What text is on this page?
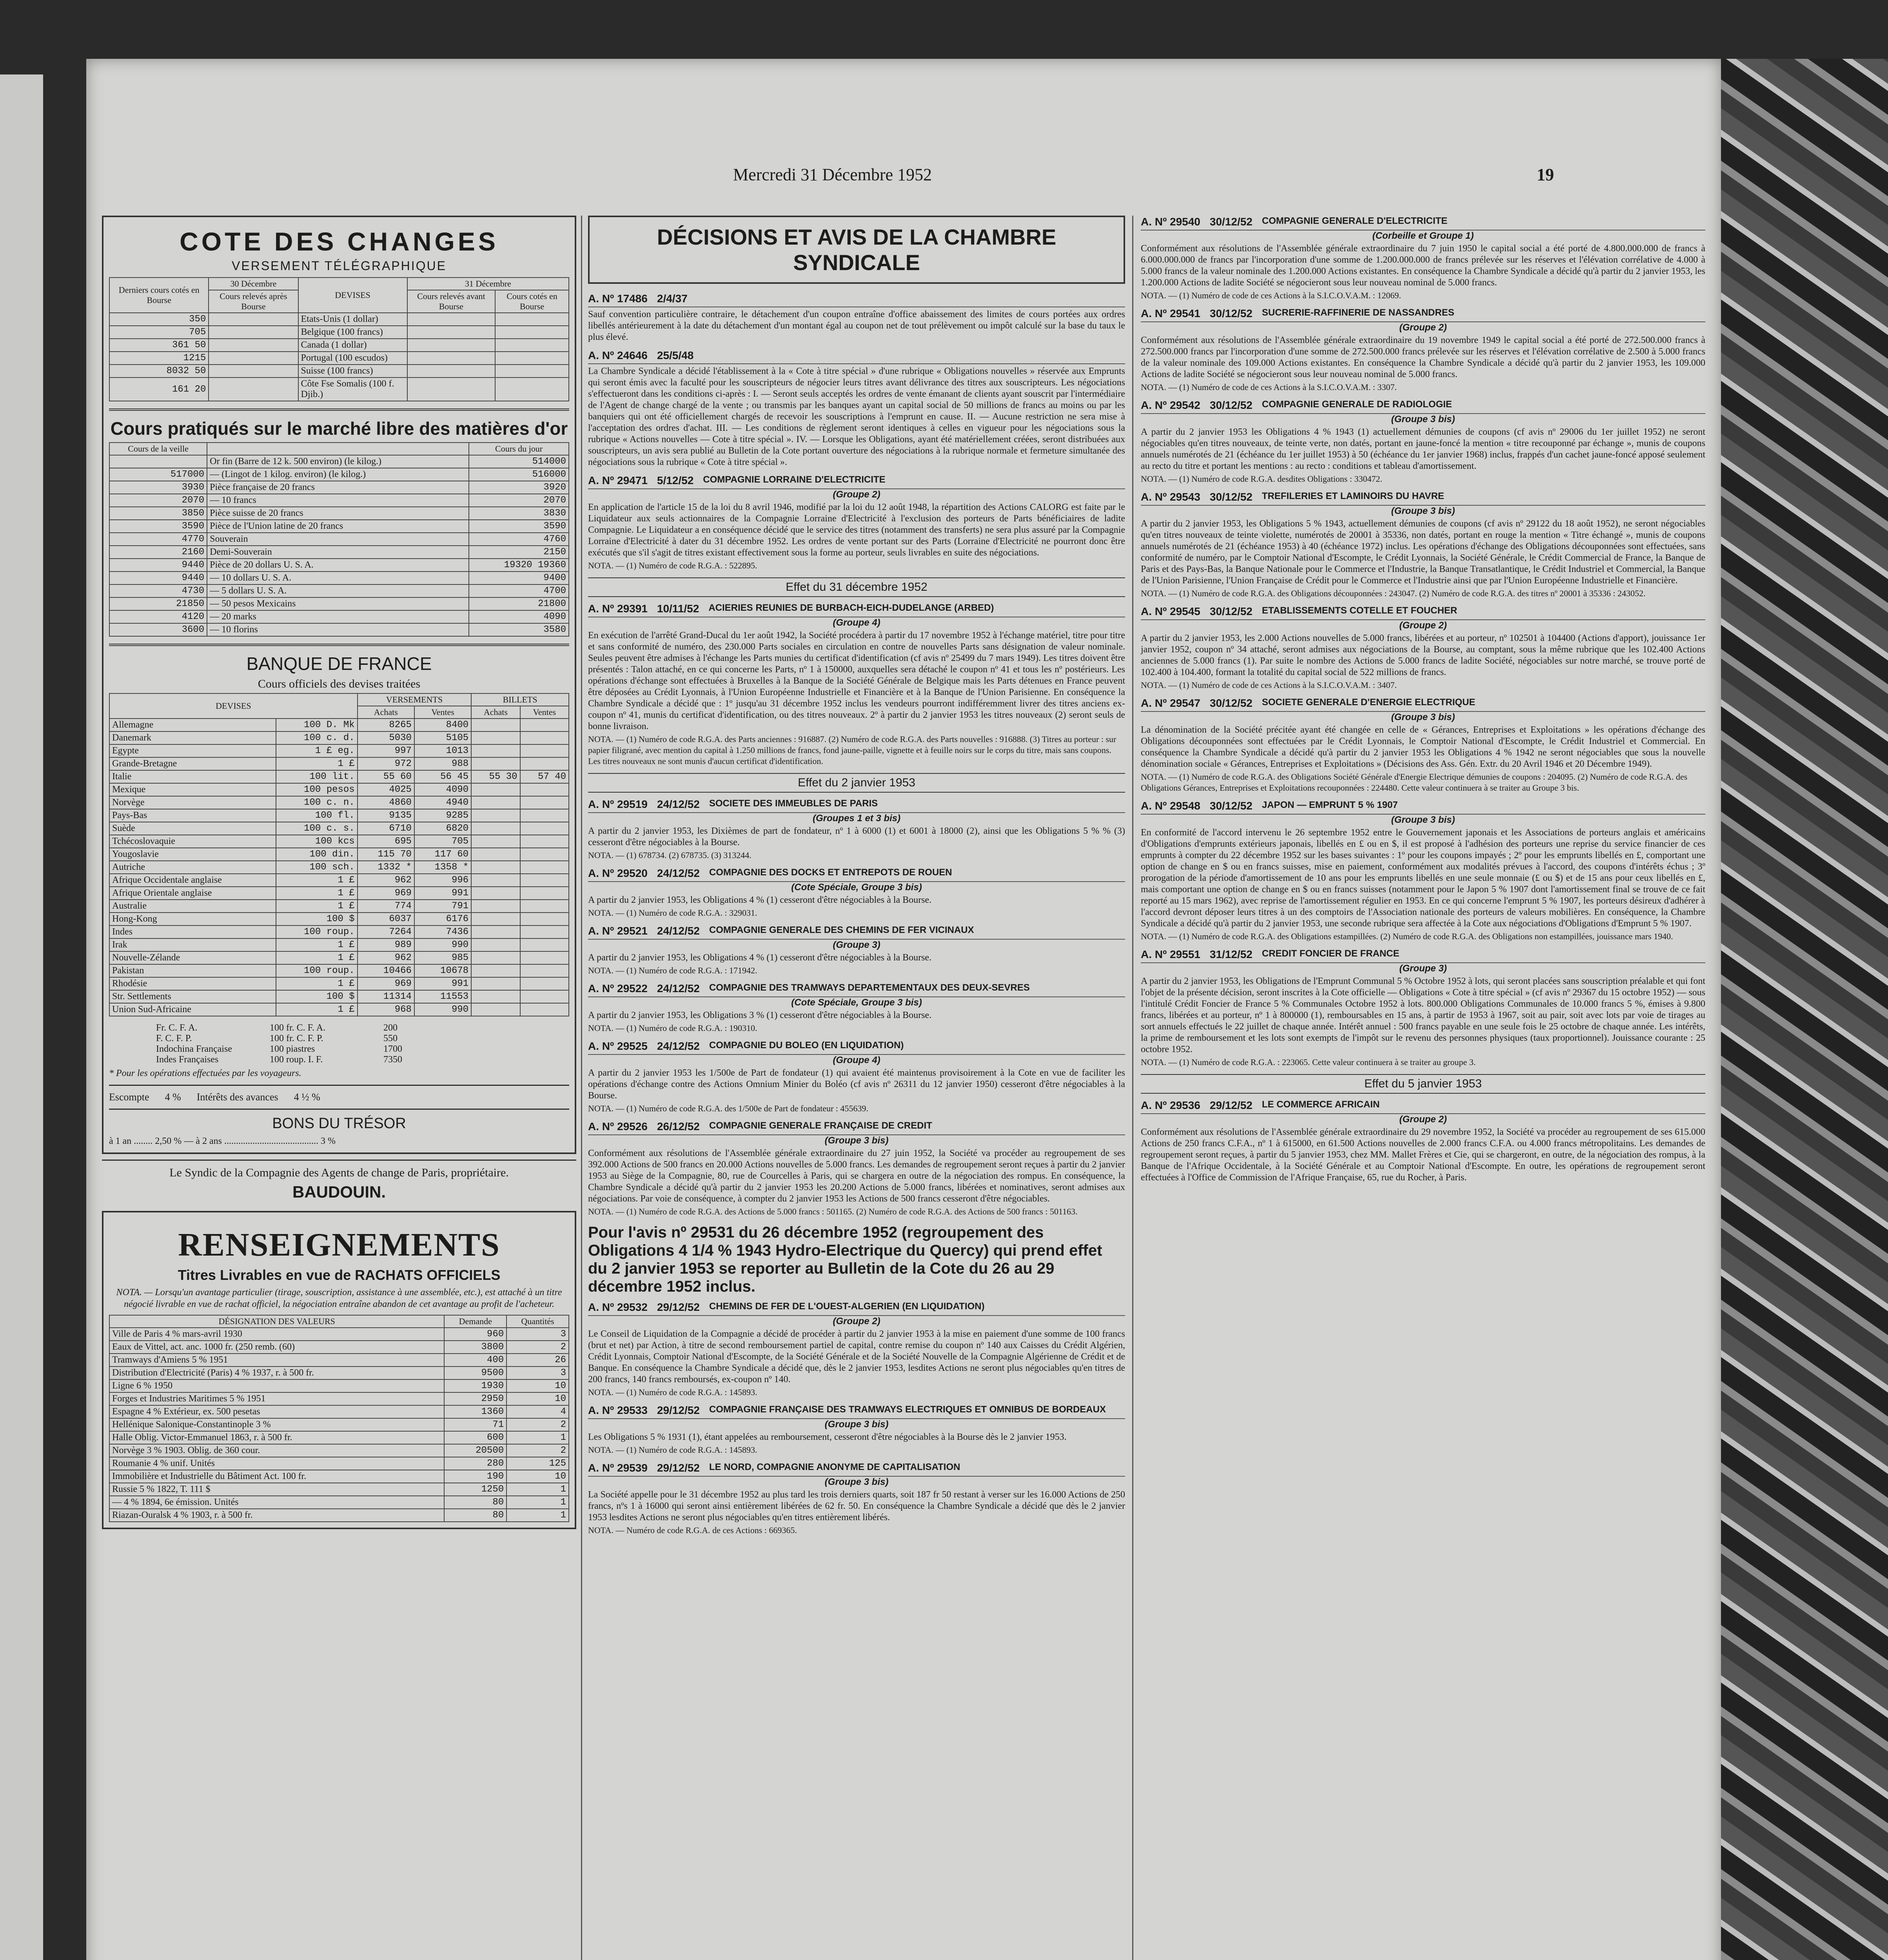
Mercredi 31 Décembre 1952	19
COTE DES CHANGES
VERSEMENT TÉLÉGRAPHIQUE
Derniers cours cotés en Bourse	30 Décembre	DEVISES	31 Décembre	
	Cours relevés après Bourse		Cours relevés avant Bourse	Cours cotés en Bourse
350		Etats-Unis (1 dollar)		
705		Belgique (100 francs)		
361 50		Canada (1 dollar)		
1215		Portugal (100 escudos)		
8032 50		Suisse (100 francs)		
161 20		Côte Fse Somalis (100 f. Djib.)		
Cours pratiqués sur le marché libre des matières d'or
Cours de la veille		Cours du jour
	Or fin (Barre de 12 k. 500 environ) (le kilog.)	514000
517000	— (Lingot de 1 kilog. environ) (le kilog.)	516000
3930	Pièce française de 20 francs	3920
2070	— 10 francs	2070
3850	Pièce suisse de 20 francs	3830
3590	Pièce de l'Union latine de 20 francs	3590
4770	Souverain	4760
2160	Demi-Souverain	2150
9440	Pièce de 20 dollars U. S. A.	19320 19360
9440	— 10 dollars U. S. A.	9400
4730	— 5 dollars U. S. A.	4700
21850	— 50 pesos Mexicains	21800
4120	— 20 marks	4090
3600	— 10 florins	3580
BANQUE DE FRANCE
Cours officiels des devises traitées
DEVISES		VERSEMENTS		BILLETS	
		Achats	Ventes	Achats	Ventes
Allemagne	100 D. Mk	8265	8400		
Danemark	100 c. d.	5030	5105		
Egypte	1 £ eg.	997	1013		
Grande-Bretagne	1 £	972	988		
Italie	100 lit.	55 60	56 45	55 30	57 40
Mexique	100 pesos	4025	4090		
Norvège	100 c. n.	4860	4940		
Pays-Bas	100 fl.	9135	9285		
Suède	100 c. s.	6710	6820		
Tchécoslovaquie	100 kcs	695	705		
Yougoslavie	100 din.	115 70	117 60		
Autriche	100 sch.	1332 *	1358 *		
Afrique Occidentale anglaise	1 £	962	996		
Afrique Orientale anglaise	1 £	969	991		
Australie	1 £	774	791		
Hong-Kong	100 $	6037	6176		
Indes	100 roup.	7264	7436		
Irak	1 £	989	990		
Nouvelle-Zélande	1 £	962	985		
Pakistan	100 roup.	10466	10678		
Rhodésie	1 £	969	991		
Str. Settlements	100 $	11314	11553		
Union Sud-Africaine	1 £	968	990		
Fr. C. F. A.	100 fr. C. F. A.	200
F. C. F. P.	100 fr. C. F. P.	550
Indochina Française	100 piastres	1700
Indes Françaises	100 roup. I. F.	7350
* Pour les opérations effectuées par les voyageurs.
Escompte 4 % Intérêts des avances 4 ½ %
BONS DU TRÉSOR
à 1 an ........ 2,50 % — à 2 ans ........................................ 3 %
Le Syndic de la Compagnie des Agents de change de Paris, propriétaire.
BAUDOUIN.
RENSEIGNEMENTS
Titres Livrables en vue de RACHATS OFFICIELS
NOTA. — Lorsqu'un avantage particulier (tirage, souscription, assistance à une assemblée, etc.), est attaché à un titre négocié livrable en vue de rachat officiel, la négociation entraîne abandon de cet avantage au profit de l'acheteur.
DÉSIGNATION DES VALEURS	Demande	Quantités
Ville de Paris 4 % mars-avril 1930	960	3
Eaux de Vittel, act. anc. 1000 fr. (250 remb. (60)	3800	2
Tramways d'Amiens 5 % 1951	400	26
Distribution d'Electricité (Paris) 4 % 1937, r. à 500 fr.	9500	3
Ligne 6 % 1950	1930	10
Forges et Industries Maritimes 5 % 1951	2950	10
Espagne 4 % Extérieur, ex. 500 pesetas	1360	4
Hellénique Salonique-Constantinople 3 %	71	2
Halle Oblig. Victor-Emmanuel 1863, r. à 500 fr.	600	1
Norvège 3 % 1903. Oblig. de 360 cour.	20500	2
Roumanie 4 % unif. Unités	280	125
Immobilière et Industrielle du Bâtiment Act. 100 fr.	190	10
Russie 5 % 1822, T. 111 $	1250	1
— 4 % 1894, 6e émission. Unités	80	1
Riazan-Ouralsk 4 % 1903, r. à 500 fr.	80	1
DÉCISIONS ET AVIS DE LA CHAMBRE SYNDICALE
A. Nº 17486 2/4/37
Sauf convention particulière contraire, le détachement d'un coupon entraîne d'office abaissement des limites de cours portées aux ordres libellés antérieurement à la date du détachement d'un montant égal au coupon net de tout prélèvement ou impôt calculé sur la base du taux le plus élevé.
A. Nº 24646 25/5/48
La Chambre Syndicale a décidé l'établissement à la « Cote à titre spécial » d'une rubrique « Obligations nouvelles » réservée aux Emprunts qui seront émis avec la faculté pour les souscripteurs de négocier leurs titres avant délivrance des titres aux souscripteurs. Les négociations s'effectueront dans les conditions ci-après : I. — Seront seuls acceptés les ordres de vente émanant de clients ayant souscrit par l'intermédiaire de l'Agent de change chargé de la vente ; ou transmis par les banques ayant un capital social de 50 millions de francs au moins ou par les banquiers qui ont été officiellement chargés de recevoir les souscriptions à l'emprunt en cause. II. — Aucune restriction ne sera mise à l'acceptation des ordres d'achat. III. — Les conditions de règlement seront identiques à celles en vigueur pour les négociations sous la rubrique « Actions nouvelles — Cote à titre spécial ». IV. — Lorsque les Obligations, ayant été matériellement créées, seront distribuées aux souscripteurs, un avis sera publié au Bulletin de la Cote portant ouverture des négociations à la rubrique normale et fermeture simultanée des négociations sous la rubrique « Cote à titre spécial ».
A. Nº 29471 5/12/52 COMPAGNIE LORRAINE D'ELECTRICITE
(Groupe 2)
En application de l'article 15 de la loi du 8 avril 1946, modifié par la loi du 12 août 1948, la répartition des Actions CALORG est faite par le Liquidateur aux seuls actionnaires de la Compagnie Lorraine d'Electricité à l'exclusion des porteurs de Parts bénéficiaires de ladite Compagnie. Le Liquidateur a en conséquence décidé que le service des titres (notamment des transferts) ne sera plus assuré par la Compagnie Lorraine d'Electricité à dater du 31 décembre 1952. Les ordres de vente portant sur des Parts (Lorraine d'Electricité ne pourront donc être exécutés que s'il s'agit de titres existant effectivement sous la forme au porteur, seuls livrables en suite des négociations.
NOTA. — (1) Numéro de code R.G.A. : 522895.
Effet du 31 décembre 1952
A. Nº 29391 10/11/52 ACIERIES REUNIES DE BURBACH-EICH-DUDELANGE (ARBED)
(Groupe 4)
En exécution de l'arrêté Grand-Ducal du 1er août 1942, la Société procédera à partir du 17 novembre 1952 à l'échange matériel, titre pour titre et sans conformité de numéro, des 230.000 Parts sociales en circulation en contre de nouvelles Parts sans désignation de valeur nominale. Seules peuvent être admises à l'échange les Parts munies du certificat d'identification (cf avis nº 25499 du 7 mars 1949). Les titres doivent être présentés : Talon attaché, en ce qui concerne les Parts, nº 1 à 150000, auxquelles sera détaché le coupon nº 41 et tous les nº postérieurs. Les opérations d'échange sont effectuées à Bruxelles à la Banque de la Société Générale de Belgique mais les Parts détenues en France peuvent être déposées au Crédit Lyonnais, à l'Union Européenne Industrielle et Financière et à la Banque de l'Union Parisienne. En conséquence la Chambre Syndicale a décidé que : 1º jusqu'au 31 décembre 1952 inclus les vendeurs pourront indifféremment livrer des titres anciens ex-coupon nº 41, munis du certificat d'identification, ou des titres nouveaux. 2º à partir du 2 janvier 1953 les titres nouveaux (2) seront seuls de bonne livraison.
NOTA. — (1) Numéro de code R.G.A. des Parts anciennes : 916887. (2) Numéro de code R.G.A. des Parts nouvelles : 916888. (3) Titres au porteur : sur papier filigrané, avec mention du capital à 1.250 millions de francs, fond jaune-paille, vignette et à feuille noirs sur le corps du titre, mais sans coupons. Les titres nouveaux ne sont munis d'aucun certificat d'identification.
Effet du 2 janvier 1953
A. Nº 29519 24/12/52 SOCIETE DES IMMEUBLES DE PARIS
(Groupes 1 et 3 bis)
A partir du 2 janvier 1953, les Dixièmes de part de fondateur, nº 1 à 6000 (1) et 6001 à 18000 (2), ainsi que les Obligations 5 % % (3) cesseront d'être négociables à la Bourse.
NOTA. — (1) 678734. (2) 678735. (3) 313244.
A. Nº 29520 24/12/52 COMPAGNIE DES DOCKS ET ENTREPOTS DE ROUEN
(Cote Spéciale, Groupe 3 bis)
A partir du 2 janvier 1953, les Obligations 4 % (1) cesseront d'être négociables à la Bourse.
NOTA. — (1) Numéro de code R.G.A. : 329031.
A. Nº 29521 24/12/52 COMPAGNIE GENERALE DES CHEMINS DE FER VICINAUX
(Groupe 3)
A partir du 2 janvier 1953, les Obligations 4 % (1) cesseront d'être négociables à la Bourse.
NOTA. — (1) Numéro de code R.G.A. : 171942.
A. Nº 29522 24/12/52 COMPAGNIE DES TRAMWAYS DEPARTEMENTAUX DES DEUX-SEVRES
(Cote Spéciale, Groupe 3 bis)
A partir du 2 janvier 1953, les Obligations 3 % (1) cesseront d'être négociables à la Bourse.
NOTA. — (1) Numéro de code R.G.A. : 190310.
A. Nº 29525 24/12/52 COMPAGNIE DU BOLEO (EN LIQUIDATION)
(Groupe 4)
A partir du 2 janvier 1953 les 1/500e de Part de fondateur (1) qui avaient été maintenus provisoirement à la Cote en vue de faciliter les opérations d'échange contre des Actions Omnium Minier du Boléo (cf avis nº 26311 du 12 janvier 1950) cesseront d'être négociables à la Bourse.
NOTA. — (1) Numéro de code R.G.A. des 1/500e de Part de fondateur : 455639.
A. Nº 29526 26/12/52 COMPAGNIE GENERALE FRANÇAISE DE CREDIT
(Groupe 3 bis)
Conformément aux résolutions de l'Assemblée générale extraordinaire du 27 juin 1952, la Société va procéder au regroupement de ses 392.000 Actions de 500 francs en 20.000 Actions nouvelles de 5.000 francs. Les demandes de regroupement seront reçues à partir du 2 janvier 1953 au Siège de la Compagnie, 80, rue de Courcelles à Paris, qui se chargera en outre de la négociation des rompus. En conséquence, la Chambre Syndicale a décidé qu'à partir du 2 janvier 1953 les 20.200 Actions de 5.000 francs, libérées et nominatives, seront admises aux négociations. Par voie de conséquence, à compter du 2 janvier 1953 les Actions de 500 francs cesseront d'être négociables.
NOTA. — (1) Numéro de code R.G.A. des Actions de 5.000 francs : 501165. (2) Numéro de code R.G.A. des Actions de 500 francs : 501163.
Pour l'avis nº 29531 du 26 décembre 1952 (regroupement des Obligations 4 1/4 % 1943 Hydro-Electrique du Quercy) qui prend effet du 2 janvier 1953 se reporter au Bulletin de la Cote du 26 au 29 décembre 1952 inclus.
A. Nº 29532 29/12/52 CHEMINS DE FER DE L'OUEST-ALGERIEN (EN LIQUIDATION)
(Groupe 2)
Le Conseil de Liquidation de la Compagnie a décidé de procéder à partir du 2 janvier 1953 à la mise en paiement d'une somme de 100 francs (brut et net) par Action, à titre de second remboursement partiel de capital, contre remise du coupon nº 140 aux Caisses du Crédit Algérien, Crédit Lyonnais, Comptoir National d'Escompte, de la Société Générale et de la Société Nouvelle de la Compagnie Algérienne de Crédit et de Banque. En conséquence la Chambre Syndicale a décidé que, dès le 2 janvier 1953, lesdites Actions ne seront plus négociables qu'en titres de 200 francs, 140 francs remboursés, ex-coupon nº 140.
NOTA. — (1) Numéro de code R.G.A. : 145893.
A. Nº 29533 29/12/52 COMPAGNIE FRANÇAISE DES TRAMWAYS ELECTRIQUES ET OMNIBUS DE BORDEAUX
(Groupe 3 bis)
Les Obligations 5 % 1931 (1), étant appelées au remboursement, cesseront d'être négociables à la Bourse dès le 2 janvier 1953.
NOTA. — (1) Numéro de code R.G.A. : 145893.
A. Nº 29539 29/12/52 LE NORD, COMPAGNIE ANONYME DE CAPITALISATION
(Groupe 3 bis)
La Société appelle pour le 31 décembre 1952 au plus tard les trois derniers quarts, soit 187 fr 50 restant à verser sur les 16.000 Actions de 250 francs, nºs 1 à 16000 qui seront ainsi entièrement libérées de 62 fr. 50. En conséquence la Chambre Syndicale a décidé que dès le 2 janvier 1953 lesdites Actions ne seront plus négociables qu'en titres entièrement libérés.
NOTA. — Numéro de code R.G.A. de ces Actions : 669365.
A. Nº 29540 30/12/52 COMPAGNIE GENERALE D'ELECTRICITE
(Corbeille et Groupe 1)
Conformément aux résolutions de l'Assemblée générale extraordinaire du 7 juin 1950 le capital social a été porté de 4.800.000.000 de francs à 6.000.000.000 de francs par l'incorporation d'une somme de 1.200.000.000 de francs prélevée sur les réserves et l'élévation corrélative de 4.000 à 5.000 francs de la valeur nominale des 1.200.000 Actions existantes. En conséquence la Chambre Syndicale a décidé qu'à partir du 2 janvier 1953, les 1.200.000 Actions de ladite Société se négocieront sous leur nouveau nominal de 5.000 francs.
NOTA. — (1) Numéro de code de ces Actions à la S.I.C.O.V.A.M. : 12069.
A. Nº 29541 30/12/52 SUCRERIE-RAFFINERIE DE NASSANDRES
(Groupe 2)
Conformément aux résolutions de l'Assemblée générale extraordinaire du 19 novembre 1949 le capital social a été porté de 272.500.000 francs à 272.500.000 francs par l'incorporation d'une somme de 272.500.000 francs prélevée sur les réserves et l'élévation corrélative de 2.500 à 5.000 francs de la valeur nominale des 109.000 Actions existantes. En conséquence la Chambre Syndicale a décidé qu'à partir du 2 janvier 1953, les 109.000 Actions de ladite Société se négocieront sous leur nouveau nominal de 5.000 francs.
NOTA. — (1) Numéro de code de ces Actions à la S.I.C.O.V.A.M. : 3307.
A. Nº 29542 30/12/52 COMPAGNIE GENERALE DE RADIOLOGIE
(Groupe 3 bis)
A partir du 2 janvier 1953 les Obligations 4 % 1943 (1) actuellement démunies de coupons (cf avis nº 29006 du 1er juillet 1952) ne seront négociables qu'en titres nouveaux, de teinte verte, non datés, portant en jaune-foncé la mention « titre recouponné par échange », munis de coupons annuels numérotés de 21 (échéance du 1er juillet 1953) à 50 (échéance du 1er janvier 1968) inclus, frappés d'un cachet jaune-foncé apposé seulement au recto du titre et portant les mentions : au recto : conditions et tableau d'amortissement.
NOTA. — (1) Numéro de code R.G.A. desdites Obligations : 330472.
A. Nº 29543 30/12/52 TREFILERIES ET LAMINOIRS DU HAVRE
(Groupe 3 bis)
A partir du 2 janvier 1953, les Obligations 5 % 1943, actuellement démunies de coupons (cf avis nº 29122 du 18 août 1952), ne seront négociables qu'en titres nouveaux de teinte violette, numérotés de 20001 à 35336, non datés, portant en rouge la mention « Titre échangé », munis de coupons annuels numérotés de 21 (échéance 1953) à 40 (échéance 1972) inclus. Les opérations d'échange des Obligations découponnées sont effectuées, sans conformité de numéro, par le Comptoir National d'Escompte, le Crédit Lyonnais, la Société Générale, le Crédit Commercial de France, la Banque de Paris et des Pays-Bas, la Banque Nationale pour le Commerce et l'Industrie, la Banque Transatlantique, le Crédit Industriel et Commercial, la Banque de l'Union Parisienne, l'Union Française de Crédit pour le Commerce et l'Industrie ainsi que par l'Union Européenne Industrielle et Financière.
NOTA. — (1) Numéro de code R.G.A. des Obligations découponnées : 243047. (2) Numéro de code R.G.A. des titres nº 20001 à 35336 : 243052.
A. Nº 29545 30/12/52 ETABLISSEMENTS COTELLE ET FOUCHER
(Groupe 2)
A partir du 2 janvier 1953, les 2.000 Actions nouvelles de 5.000 francs, libérées et au porteur, nº 102501 à 104400 (Actions d'apport), jouissance 1er janvier 1952, coupon nº 34 attaché, seront admises aux négociations de la Bourse, au comptant, sous la même rubrique que les 102.400 Actions anciennes de 5.000 francs (1). Par suite le nombre des Actions de 5.000 francs de ladite Société, négociables sur notre marché, se trouve porté de 102.400 à 104.400, formant la totalité du capital social de 522 millions de francs.
NOTA. — (1) Numéro de code de ces Actions à la S.I.C.O.V.A.M. : 3407.
A. Nº 29547 30/12/52 SOCIETE GENERALE D'ENERGIE ELECTRIQUE
(Groupe 3 bis)
La dénomination de la Société précitée ayant été changée en celle de « Gérances, Entreprises et Exploitations » les opérations d'échange des Obligations découponnées sont effectuées par le Crédit Lyonnais, le Comptoir National d'Escompte, le Crédit Industriel et Commercial. En conséquence la Chambre Syndicale a décidé qu'à partir du 2 janvier 1953 les Obligations 4 % 1942 ne seront négociables que sous la nouvelle dénomination sociale « Gérances, Entreprises et Exploitations » (Décisions des Ass. Gén. Extr. du 20 Avril 1946 et 20 Décembre 1949).
NOTA. — (1) Numéro de code R.G.A. des Obligations Société Générale d'Energie Electrique démunies de coupons : 204095. (2) Numéro de code R.G.A. des Obligations Gérances, Entreprises et Exploitations recouponnées : 224480. Cette valeur continuera à se traiter au Groupe 3 bis.
A. Nº 29548 30/12/52 JAPON — EMPRUNT 5 % 1907
(Groupe 3 bis)
En conformité de l'accord intervenu le 26 septembre 1952 entre le Gouvernement japonais et les Associations de porteurs anglais et américains d'Obligations d'emprunts extérieurs japonais, libellés en £ ou en $, il est proposé à l'adhésion des porteurs une reprise du service financier de ces emprunts à compter du 22 décembre 1952 sur les bases suivantes : 1º pour les coupons impayés ; 2º pour les emprunts libellés en £, comportant une option de change en $ ou en francs suisses, mise en paiement, conformément aux modalités prévues à l'accord, des coupons d'intérêts échus ; 3º prorogation de la période d'amortissement de 10 ans pour les emprunts libellés en une seule monnaie (£ ou $) et de 15 ans pour ceux libellés en £, mais comportant une option de change en $ ou en francs suisses (notamment pour le Japon 5 % 1907 dont l'amortissement final se trouve de ce fait reporté au 15 mars 1962), avec reprise de l'amortissement régulier en 1953. En ce qui concerne l'emprunt 5 % 1907, les porteurs désireux d'adhérer à l'accord devront déposer leurs titres à un des comptoirs de l'Association nationale des porteurs de valeurs mobilières. En conséquence, la Chambre Syndicale a décidé qu'à partir du 2 janvier 1953, une seconde rubrique sera affectée à la Cote aux négociations d'Obligations d'Emprunt 5 % 1907.
NOTA. — (1) Numéro de code R.G.A. des Obligations estampillées. (2) Numéro de code R.G.A. des Obligations non estampillées, jouissance mars 1940.
A. Nº 29551 31/12/52 CREDIT FONCIER DE FRANCE
(Groupe 3)
A partir du 2 janvier 1953, les Obligations de l'Emprunt Communal 5 % Octobre 1952 à lots, qui seront placées sans souscription préalable et qui font l'objet de la présente décision, seront inscrites à la Cote officielle — Obligations « Cote à titre spécial » (cf avis nº 29367 du 15 octobre 1952) — sous l'intitulé Crédit Foncier de France 5 % Communales Octobre 1952 à lots. 800.000 Obligations Communales de 10.000 francs 5 %, émises à 9.800 francs, libérées et au porteur, nº 1 à 800000 (1), remboursables en 15 ans, à partir de 1953 à 1967, soit au pair, soit avec lots par voie de tirages au sort annuels effectués le 22 juillet de chaque année. Intérêt annuel : 500 francs payable en une seule fois le 25 octobre de chaque année. Les intérêts, la prime de remboursement et les lots sont exempts de l'impôt sur le revenu des personnes physiques (taux proportionnel). Jouissance courante : 25 octobre 1952.
NOTA. — (1) Numéro de code R.G.A. : 223065. Cette valeur continuera à se traiter au groupe 3.
Effet du 5 janvier 1953
A. Nº 29536 29/12/52 LE COMMERCE AFRICAIN
(Groupe 2)
Conformément aux résolutions de l'Assemblée générale extraordinaire du 29 novembre 1952, la Société va procéder au regroupement de ses 615.000 Actions de 250 francs C.F.A., nº 1 à 615000, en 61.500 Actions nouvelles de 2.000 francs C.F.A. ou 4.000 francs métropolitains. Les demandes de regroupement seront reçues, à partir du 5 janvier 1953, chez MM. Mallet Frères et Cie, qui se chargeront, en outre, de la négociation des rompus, à la Banque de l'Afrique Occidentale, à la Société Générale et au Comptoir National d'Escompte. En outre, les opérations de regroupement seront effectuées à l'Office de Commission de l'Afrique Française, 65, rue du Rocher, à Paris.
